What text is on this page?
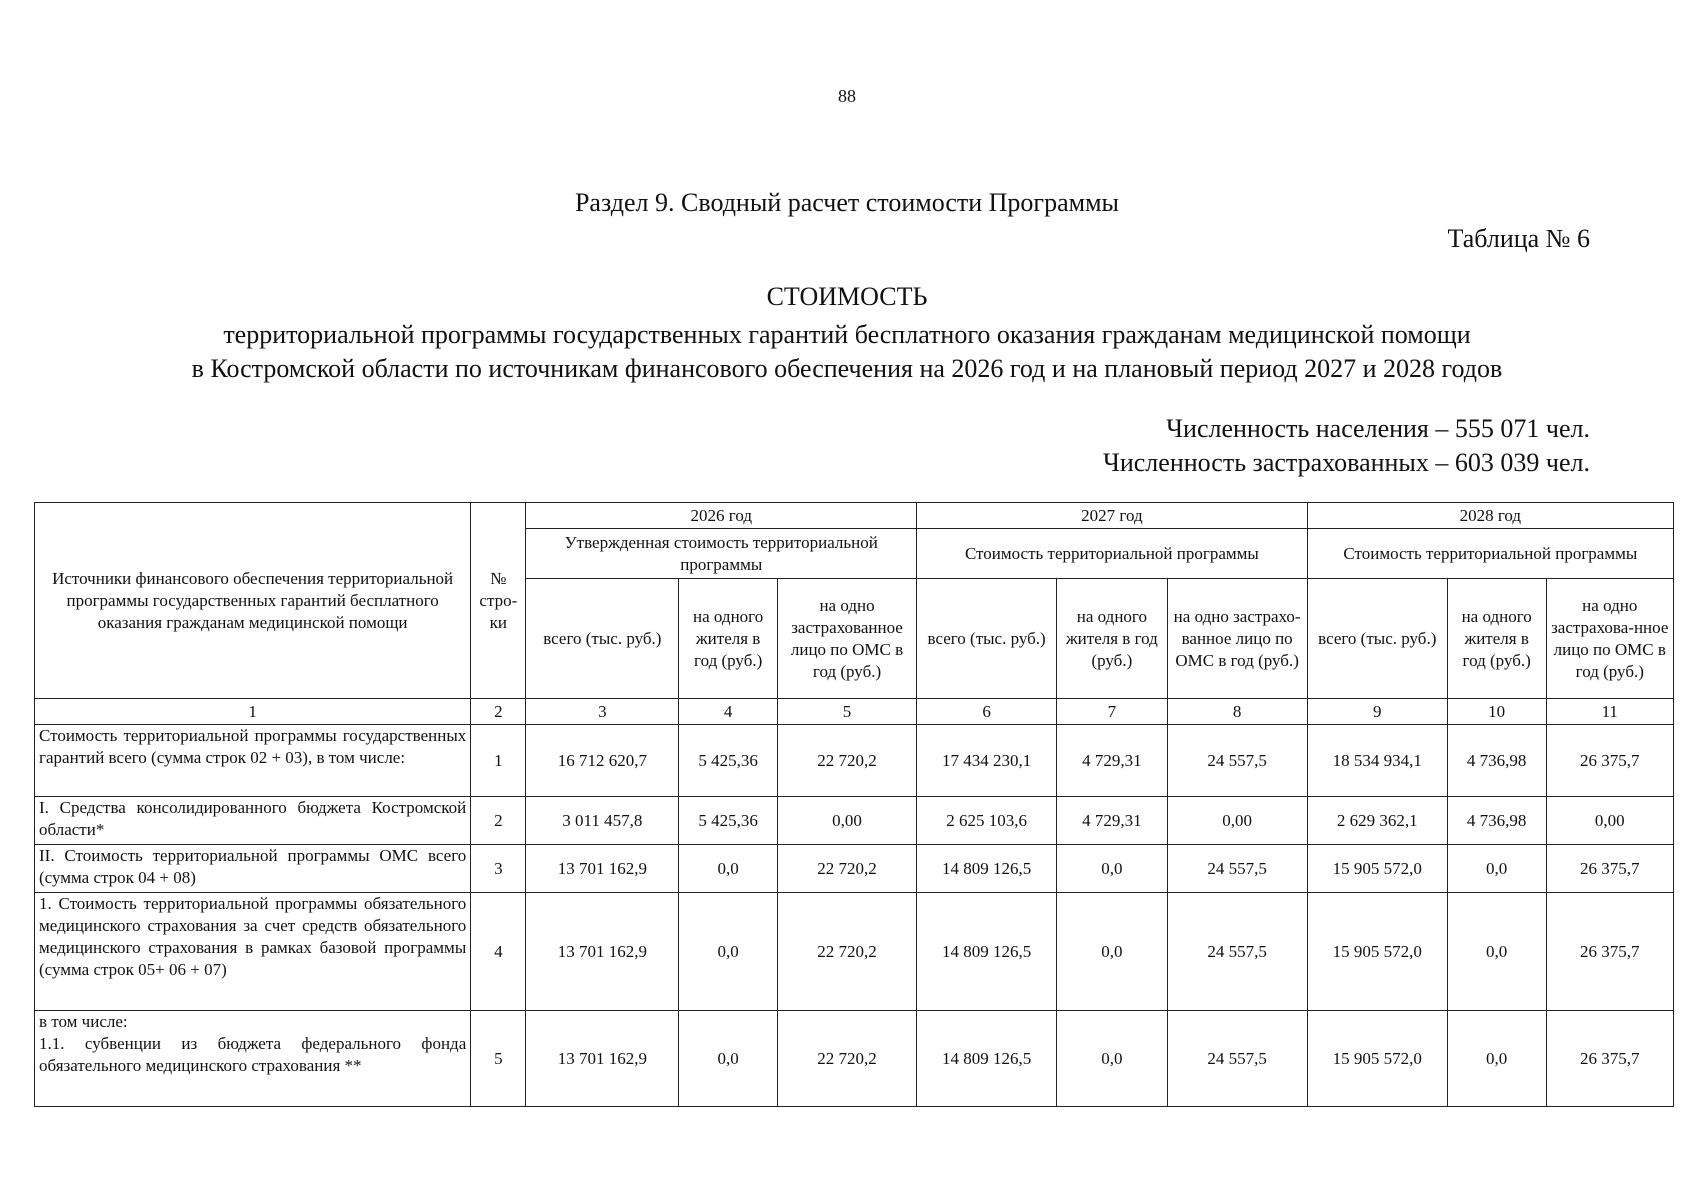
88
Раздел 9. Сводный расчет стоимости Программы
Таблица № 6
СТОИМОСТЬ
территориальной программы государственных гарантий бесплатного оказания гражданам медицинской помощи
в Костромской области по источникам финансового обеспечения на 2026 год и на плановый период 2027 и 2028 годов
Численность населения – 555 071 чел.
Численность застрахованных – 603 039 чел.
Источники финансового обеспечения территориальной программы государственных гарантий бесплатного оказания гражданам медицинской помощи	№ стро-ки	2026 год			2027 год			2028 год		
		Утвержденная стоимость территориальной программы			Стоимость территориальной программы			Стоимость территориальной программы		
		всего (тыс. руб.)	на одного жителя в год (руб.)	на одно застрахованное лицо по ОМС в год (руб.)	всего (тыс. руб.)	на одного жителя в год (руб.)	на одно застрахо-ванное лицо по ОМС в год (руб.)	всего (тыс. руб.)	на одного жителя в год (руб.)	на одно застрахова-нное лицо по ОМС в год (руб.)
1	2	3	4	5	6	7	8	9	10	11
Стоимость территориальной программы государственных гарантий всего (сумма строк 02 + 03), в том числе:	1	16 712 620,7	5 425,36	22 720,2	17 434 230,1	4 729,31	24 557,5	18 534 934,1	4 736,98	26 375,7
I. Средства консолидированного бюджета Костромской области*	2	3 011 457,8	5 425,36	0,00	2 625 103,6	4 729,31	0,00	2 629 362,1	4 736,98	0,00
II. Стоимость территориальной программы ОМС всего (сумма строк 04 + 08)	3	13 701 162,9	0,0	22 720,2	14 809 126,5	0,0	24 557,5	15 905 572,0	0,0	26 375,7
1. Стоимость территориальной программы обязательного медицинского страхования за счет средств обязательного медицинского страхования в рамках базовой программы (сумма строк 05+ 06 + 07)	4	13 701 162,9	0,0	22 720,2	14 809 126,5	0,0	24 557,5	15 905 572,0	0,0	26 375,7

в том числе:
1.1. субвенции из бюджета федерального фонда обязательного медицинского страхования **	5	13 701 162,9	0,0	22 720,2	14 809 126,5	0,0	24 557,5	15 905 572,0	0,0	26 375,7
